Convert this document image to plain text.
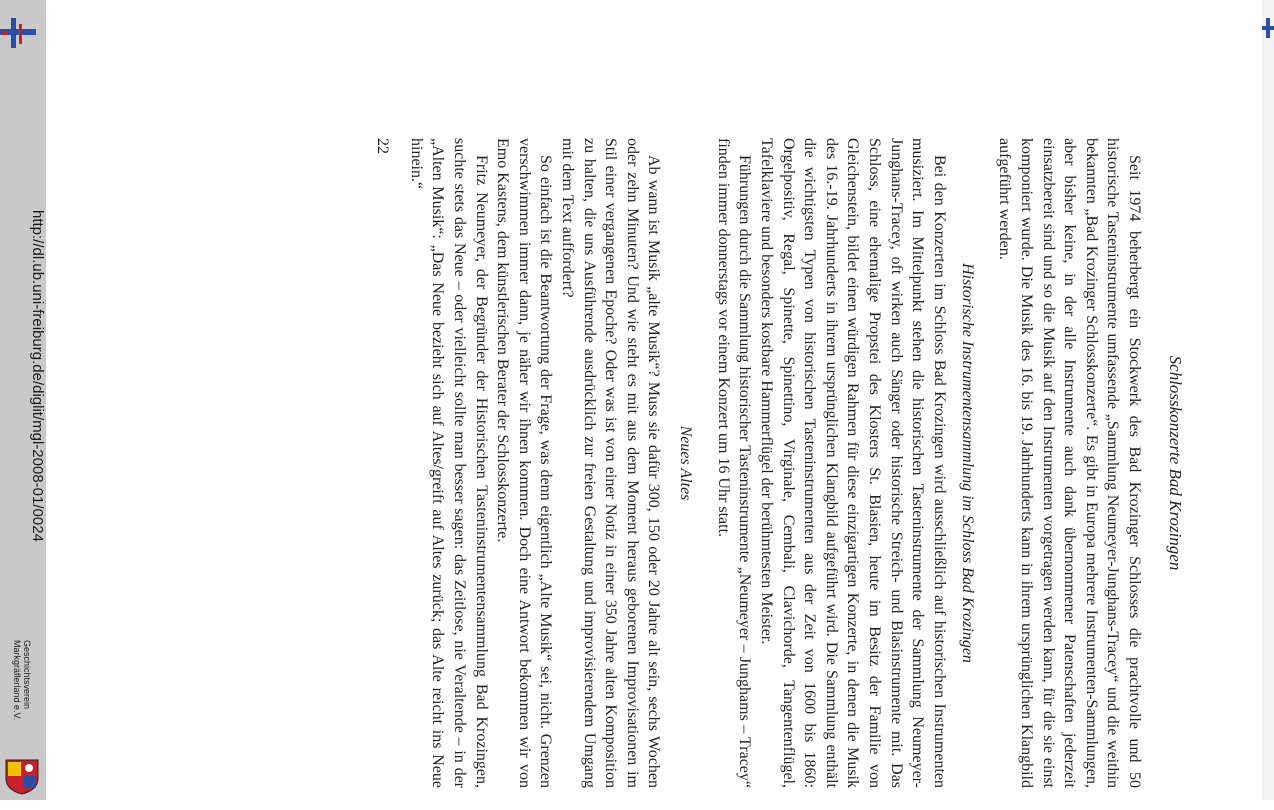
http://dl.ub.uni-freiburg.de/diglit/mgl-2008-01/0024
Geschichtsverein
Markgräflerland e.V.
Schlosskonzerte Bad Krozingen

Seit 1974 beherbergt ein Stockwerk des Bad Krozinger Schlosses die prachtvolle und 50 historische Tasteninstrumente umfassende „Sammlung Neumeyer-Junghans-Tracey“ und die weithin bekannten „Bad Krozinger Schlosskonzerte“. Es gibt in Europa mehrere Instrumenten-Sammlungen, aber bisher keine, in der alle Instrumente auch dank übernommener Patenschaften jederzeit einsatzbereit sind und so die Musik auf den Instrumenten vorgetragen werden kann, für die sie einst komponiert wurde. Die Musik des 16. bis 19. Jahrhunderts kann in ihrem ursprünglichen Klangbild aufgeführt werden.

Historische Instrumentensammlung im Schloss Bad Krozingen

Bei den Konzerten im Schloss Bad Krozingen wird ausschließlich auf historischen Instrumenten musiziert. Im Mittelpunkt stehen die historischen Tasteninstrumente der Sammlung Neumeyer-Junghans-Tracey, oft wirken auch Sänger oder historische Streich- und Blasinstrumente mit. Das Schloss, eine ehemalige Propstei des Klosters St. Blasien, heute im Besitz der Familie von Gleichenstein, bildet einen würdigen Rahmen für diese einzigartigen Konzerte, in denen die Musik des 16.-19. Jahrhunderts in ihrem ursprünglichen Klangbild aufgeführt wird. Die Sammlung enthält die wichtigsten Typen von historischen Tasteninstrumenten aus der Zeit von 1600 bis 1860: Orgelpositiv, Regal, Spinette, Spinettino, Virginale, Cembali, Clavichorde, Tangentenflügel, Tafelklaviere und besonders kostbare Hammerflügel der berühmtesten Meister.

Führungen durch die Sammlung historischer Tasteninstrumente „Neumeyer – Junghams – Tracey“ finden immer donnerstags vor einem Konzert um 16 Uhr statt.

Neues Altes

Ab wann ist Musik „alte Musik“? Muss sie dafür 300, 150 oder 20 Jahre alt sein, sechs Wochen oder zehn Minuten? Und wie steht es mit aus dem Moment heraus geborenen Improvisationen im Stil einer vergangenen Epoche? Oder was ist von einer Notiz in einer 350 Jahre alten Komposition zu halten, die uns Ausführende ausdrücklich zur freien Gestaltung und improvisierendem Umgang mit dem Text auffordert?

So einfach ist die Beantwortung der Frage, was denn eigentlich „Alte Musik“ sei, nicht. Grenzen verschwimmen immer dann, je näher wir ihnen kommen. Doch eine Antwort bekommen wir von Emo Kastens, dem künstlerischen Berater der Schlosskonzerte.

Fritz Neumeyer, der Begründer der Historischen Tasteninstrumentensammlung Bad Krozingen, suchte stets das Neue – oder vielleicht sollte man besser sagen: das Zeitlose, nie Veraltende – in der „Alten Musik“: „Das Neue bezieht sich auf Altes/greift auf Altes zurück; das Alte reicht ins Neue hinein.“

22
